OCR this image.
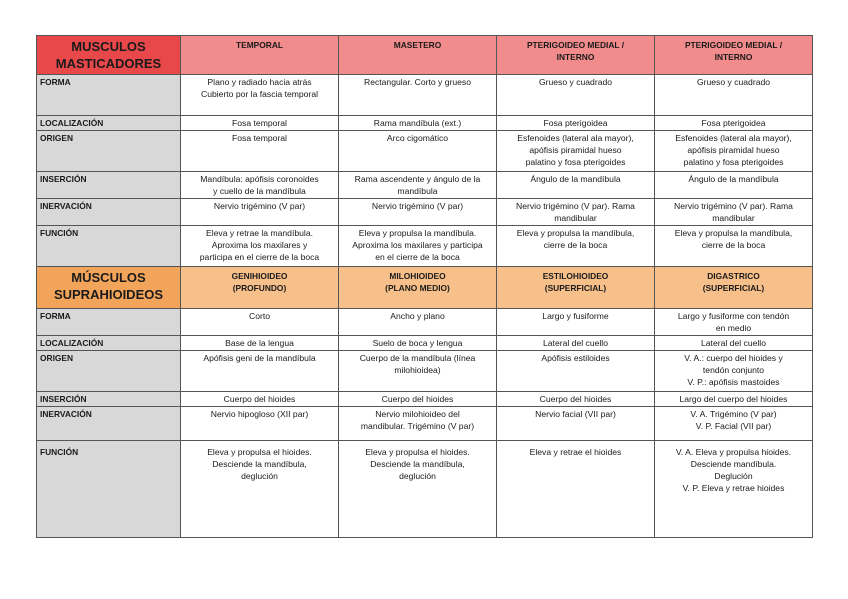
MUSCULOS
MASTICADORES	TEMPORAL	MASETERO	PTERIGOIDEO MEDIAL /
INTERNO	PTERIGOIDEO MEDIAL /
INTERNO
FORMA	Plano y radiado hacia atrás
Cubierto por la fascia temporal	Rectangular. Corto y grueso	Grueso y cuadrado	Grueso y cuadrado
LOCALIZACIÓN	Fosa temporal	Rama mandíbula (ext.)	Fosa pterigoidea	Fosa pterigoidea
ORIGEN	Fosa temporal	Arco cigomático	Esfenoides (lateral ala mayor),
apófisis piramidal hueso
palatino y fosa pterigoides	Esfenoides (lateral ala mayor),
apófisis piramidal hueso
palatino y fosa pterigoides
INSERCIÓN	Mandíbula: apófisis coronoides
y cuello de la mandíbula	Rama ascendente y ángulo de la
mandíbula	Ángulo de la mandíbula	Ángulo de la mandíbula
INERVACIÓN	Nervio trigémino (V par)	Nervio trigémino (V par)	Nervio trigémino (V par). Rama
mandibular	Nervio trigémino (V par). Rama
mandibular
FUNCIÓN	Eleva y retrae la mandíbula.
Aproxima los maxilares y
participa en el cierre de la boca	Eleva y propulsa la mandíbula.
Aproxima los maxilares y participa
en el cierre de la boca	Eleva y propulsa la mandíbula,
cierre de la boca	Eleva y propulsa la mandíbula,
cierre de la boca
MÚSCULOS
SUPRAHIOIDEOS	GENIHIOIDEO
(PROFUNDO)	MILOHIOIDEO
(PLANO MEDIO)	ESTILOHIOIDEO
(SUPERFICIAL)	DIGASTRICO
(SUPERFICIAL)
FORMA	Corto	Ancho y plano	Largo y fusiforme	Largo y fusiforme con tendón
en medio
LOCALIZACIÓN	Base de la lengua	Suelo de boca y lengua	Lateral del cuello	Lateral del cuello
ORIGEN	Apófisis geni de la mandíbula	Cuerpo de la mandíbula (línea
milohioidea)	Apófisis estiloides	V. A.: cuerpo del hioides y
tendón conjunto
V. P.: apófisis mastoides
INSERCIÓN	Cuerpo del hioides	Cuerpo del hioides	Cuerpo del hioides	Largo del cuerpo del hioides
INERVACIÓN	Nervio hipogloso (XII par)	Nervio milohioideo del
mandibular. Trigémino (V par)	Nervio facial (VII par)	V. A. Trigémino (V par)
V. P. Facial (VII par)
FUNCIÓN	Eleva y propulsa el hioides.
Desciende la mandíbula,
deglución	Eleva y propulsa el hioides.
Desciende la mandíbula,
deglución	Eleva y retrae el hioides	V. A. Eleva y propulsa hioides.
Desciende mandíbula.
Deglución
V. P. Eleva y retrae hioides
